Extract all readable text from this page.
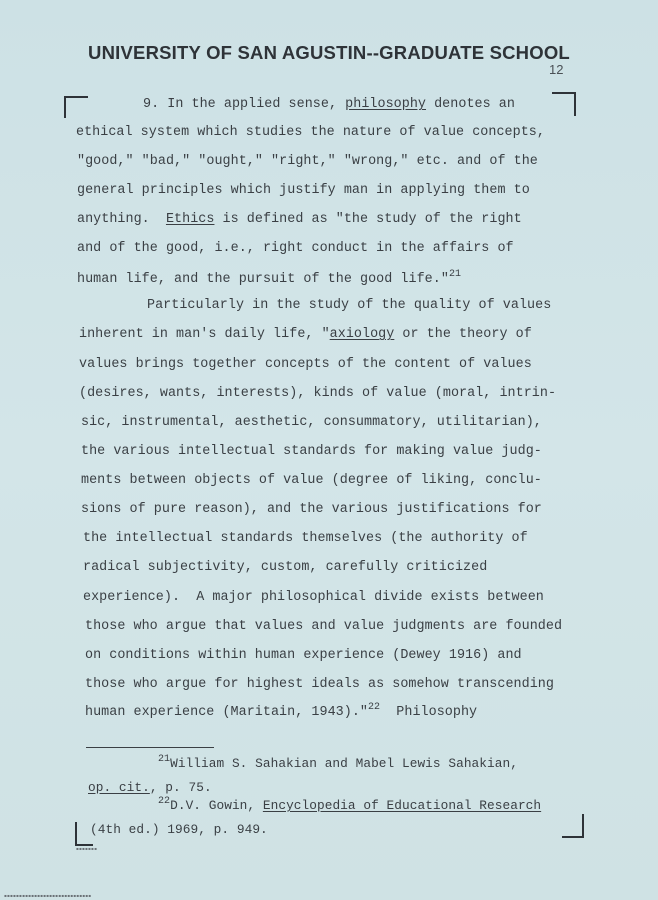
UNIVERSITY OF SAN AGUSTIN--GRADUATE SCHOOL
12
9. In the applied sense, philosophy denotes an
ethical system which studies the nature of value concepts,
"good," "bad," "ought," "right," "wrong," etc. and of the
general principles which justify man in applying them to
anything.  Ethics is defined as "the study of the right
and of the good, i.e., right conduct in the affairs of
human life, and the pursuit of the good life."$^{21}$
Particularly in the study of the quality of values
inherent in man's daily life, "axiology or the theory of
values brings together concepts of the content of values
(desires, wants, interests), kinds of value (moral, intrin-
sic, instrumental, aesthetic, consummatory, utilitarian),
the various intellectual standards for making value judg-
ments between objects of value (degree of liking, conclu-
sions of pure reason), and the various justifications for
the intellectual standards themselves (the authority of
radical subjectivity, custom, carefully criticized
experience).  A major philosophical divide exists between
those who argue that values and value judgments are founded
on conditions within human experience (Dewey 1916) and
those who argue for highest ideals as somehow transcending
human experience (Maritain, 1943)."$^{22}$  Philosophy
$^{21}$William S. Sahakian and Mabel Lewis Sahakian,
op. cit., p. 75.
$^{22}$D.V. Gowin, Encyclopedia of Educational Research
(4th ed.) 1969, p. 949.
▪▪▪▪▪▪▪
▪▪▪▪▪▪▪▪▪▪▪▪▪▪▪▪▪▪▪▪▪▪▪▪▪▪▪▪▪
